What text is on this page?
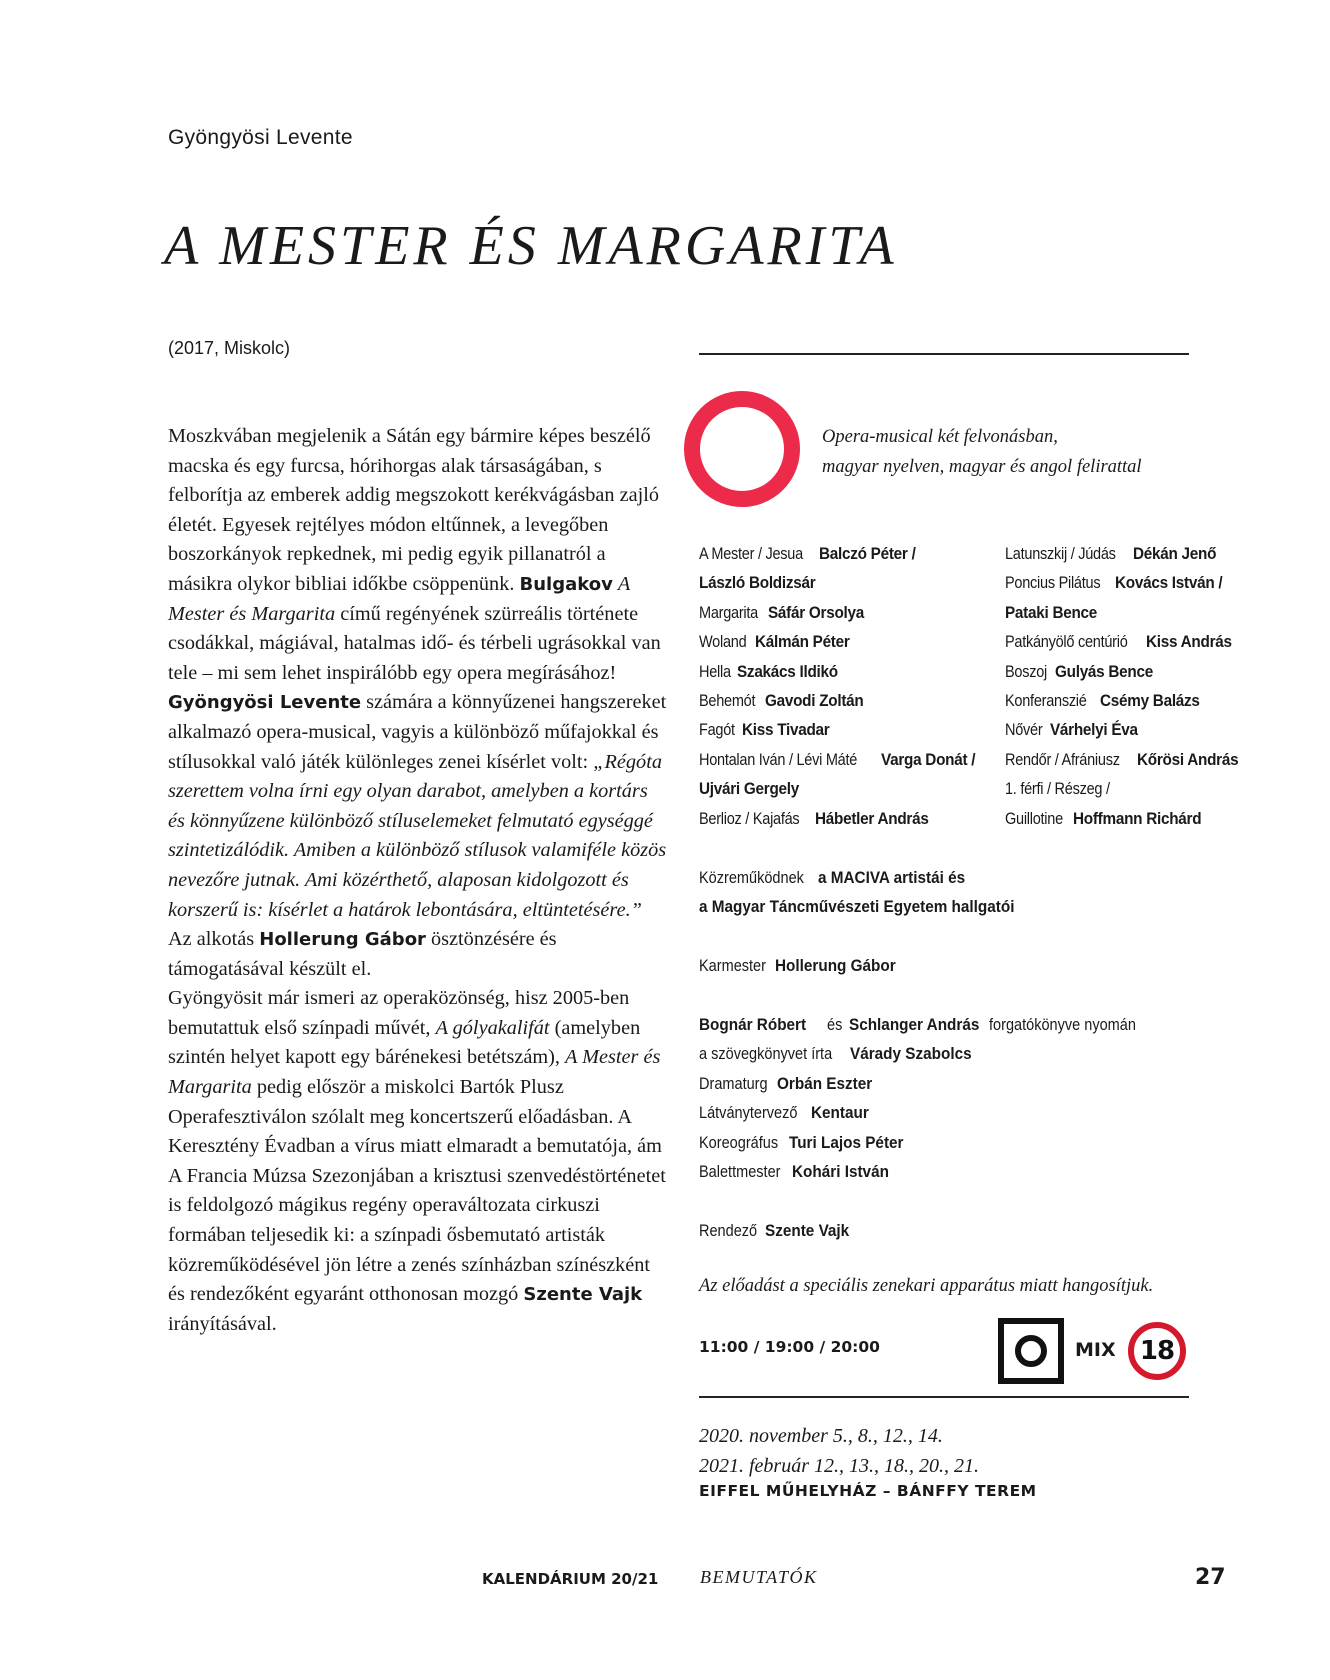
Gyöngyösi Levente
A MESTER ÉS MARGARITA
(2017, Miskolc)

Moszkvában megjelenik a Sátán egy bármire képes beszélő macska és egy furcsa, hórihorgas alak társaságában, s felborítja az emberek addig megszokott kerékvágásban zajló életét. Egyesek rejtélyes módon eltűnnek, a levegőben boszorkányok repkednek, mi pedig egyik pillanatról a másikra olykor bibliai időkbe csöppenünk. Bulgakov A Mester és Margarita című regényének szürreális története csodákkal, mágiával, hatalmas idő- és térbeli ugrásokkal van tele – mi sem lehet inspirálóbb egy opera megírásához!

Gyöngyösi Levente számára a könnyűzenei hangszereket alkalmazó opera-musical, vagyis a különböző műfajokkal és stílusokkal való játék különleges zenei kísérlet volt: „Régóta szerettem volna írni egy olyan darabot, amelyben a kortárs és könnyűzene különböző stíluselemeket felmutató egységgé szintetizálódik. Amiben a különböző stílusok valamiféle közös nevezőre jutnak. Ami közérthető, alaposan kidolgozott és korszerű is: kísérlet a határok lebontására, eltüntetésére.” Az alkotás Hollerung Gábor ösztönzésére és támogatásával készült el.

Gyöngyösit már ismeri az operaközönség, hisz 2005-ben bemutattuk első színpadi művét, A gólyakalifát (amelyben szintén helyet kapott egy bárénekesi betétszám), A Mester és Margarita pedig először a miskolci Bartók Plusz Operafesztiválon szólalt meg koncertszerű előadásban. A Keresztény Évadban a vírus miatt elmaradt a bemutatója, ám A Francia Múzsa Szezonjában a krisztusi szenvedéstörténetet is feldolgozó mágikus regény operaváltozata cirkuszi formában teljesedik ki: a színpadi ősbemutató artisták közreműködésével jön létre a zenés színházban színészként és rendezőként egyaránt otthonosan mozgó Szente Vajk irányításával.

Opera-musical két felvonásban,
magyar nyelven, magyar és angol felirattal
A Mester / Jesua Balczó Péter /
László Boldizsár
Margarita Sáfár Orsolya
Woland Kálmán Péter
Hella Szakács Ildikó
Behemót Gavodi Zoltán
Fagót Kiss Tivadar
Hontalan Iván / Lévi Máté Varga Donát /
Ujvári Gergely
Berlioz / Kajafás Hábetler András
Latunszkij / Júdás Dékán Jenő
Poncius Pilátus Kovács István /
Pataki Bence
Patkányölő centúrió Kiss András
Boszoj Gulyás Bence
Konferanszié Csémy Balázs
Nővér Várhelyi Éva
Rendőr / Afrániusz Kőrösi András
1. férfi / Részeg /
Guillotine Hoffmann Richárd
Közreműködnek a MACIVA artistái és
a Magyar Táncművészeti Egyetem hallgatói
Karmester Hollerung Gábor
Bognár Róbert és Schlanger András forgatókönyve nyomán
a szövegkönyvet írta Várady Szabolcs
Dramaturg Orbán Eszter
Látványtervező Kentaur
Koreográfus Turi Lajos Péter
Balettmester Kohári István
Rendező Szente Vajk
Az előadást a speciális zenekari apparátus miatt hangosítjuk.
11:00 / 19:00 / 20:00	MIX 18
2020. november 5., 8., 12., 14.
2021. február 12., 13., 18., 20., 21.
EIFFEL MŰHELYHÁZ – BÁNFFY TEREM
KALENDÁRIUM 20/21 BEMUTATÓK	27
